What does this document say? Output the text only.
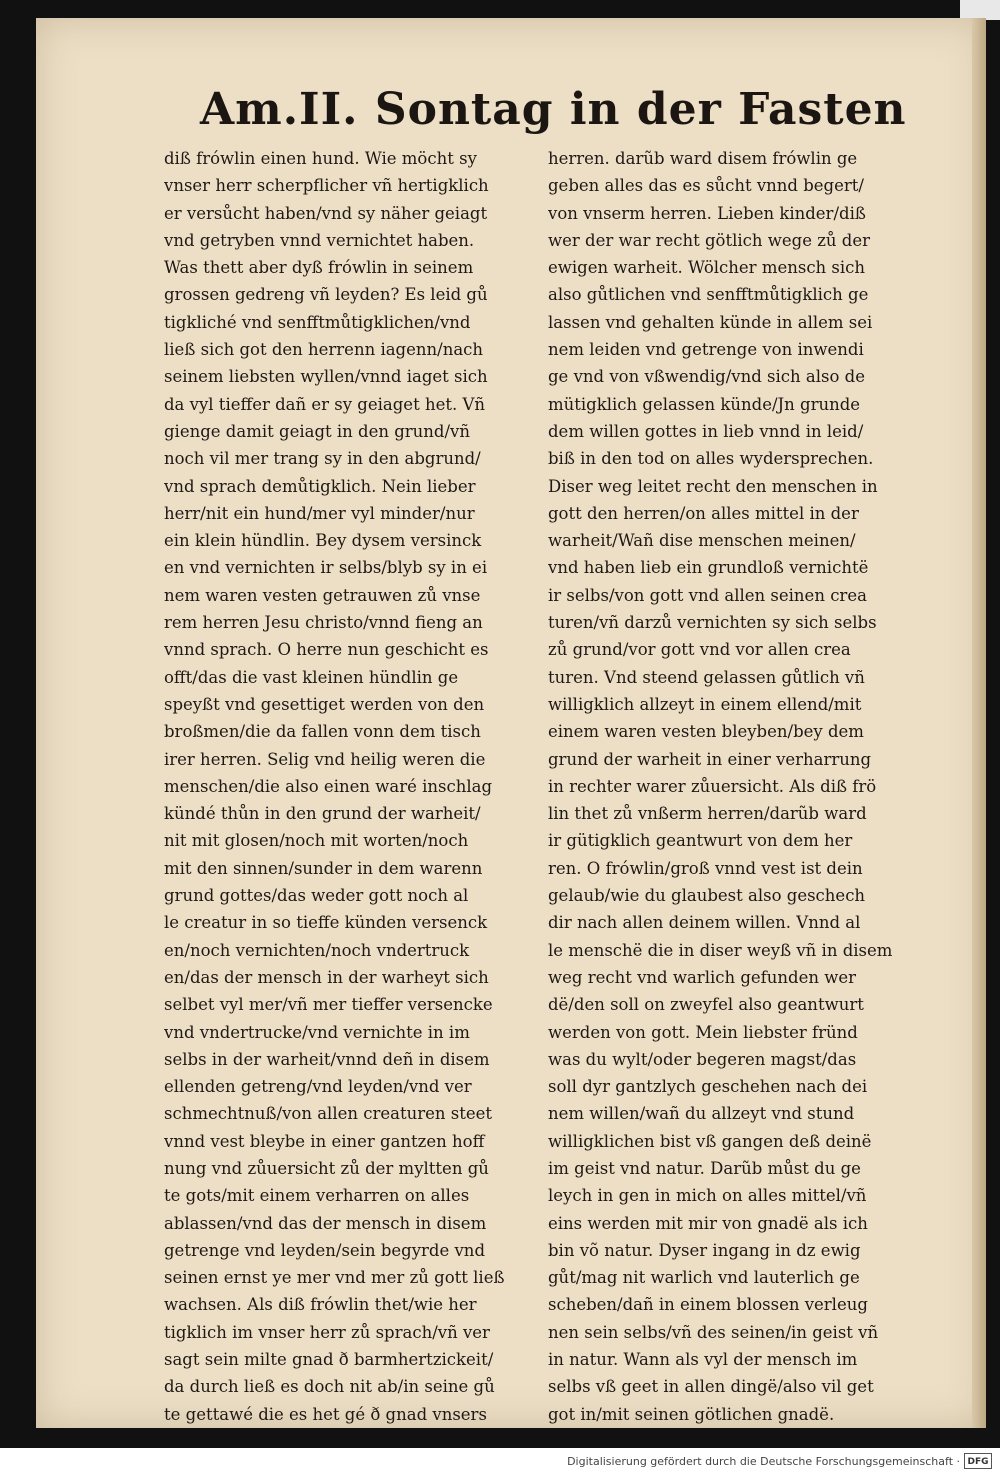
Am.II. Sontag in der Fasten
diß frówlin einen hund. Wie möcht sy
vnser herr scherpflicher vñ hertigklich
er versůcht haben/vnd sy näher geiagt
vnd getryben vnnd vernichtet haben.
Was thett aber dyß frówlin in seinem
grossen gedreng vñ leyden? Es leid gů
tigkliché vnd senfftmůtigklichen/vnd
ließ sich got den herrenn iagenn/nach
seinem liebsten wyllen/vnnd iaget sich
da vyl tieffer dañ er sy geiaget het. Vñ
gienge damit geiagt in den grund/vñ
noch vil mer trang sy in den abgrund/
vnd sprach demůtigklich. Nein lieber
herr/nit ein hund/mer vyl minder/nur
ein klein hündlin. Bey dysem versinck
en vnd vernichten ir selbs/blyb sy in ei
nem waren vesten getrauwen zů vnse
rem herren Jesu christo/vnnd fieng an
vnnd sprach. O herre nun geschicht es
offt/das die vast kleinen hündlin ge
speyßt vnd gesettiget werden von den
broßmen/die da fallen vonn dem tisch
irer herren. Selig vnd heilig weren die
menschen/die also einen waré inschlag
kündé thůn in den grund der warheit/
nit mit glosen/noch mit worten/noch
mit den sinnen/sunder in dem warenn
grund gottes/das weder gott noch al
le creatur in so tieffe künden versenck
en/noch vernichten/noch vndertruck
en/das der mensch in der warheyt sich
selbet vyl mer/vñ mer tieffer versencke
vnd vndertrucke/vnd vernichte in im
selbs in der warheit/vnnd deñ in disem
ellenden getreng/vnd leyden/vnd ver
schmechtnuß/von allen creaturen steet
vnnd vest bleybe in einer gantzen hoff
nung vnd zůuersicht zů der myltten gů
te gots/mit einem verharren on alles
ablassen/vnd das der mensch in disem
getrenge vnd leyden/sein begyrde vnd
seinen ernst ye mer vnd mer zů gott ließ
wachsen. Als diß frówlin thet/wie her
tigklich im vnser herr zů sprach/vñ ver
sagt sein milte gnad ð barmhertzickeit/
da durch ließ es doch nit ab/in seine gů
te gettawé die es het gé ð gnad vnsers
herren. darũb ward disem frówlin ge
geben alles das es sůcht vnnd begert/
von vnserm herren. Lieben kinder/diß
wer der war recht götlich wege zů der
ewigen warheit. Wölcher mensch sich
also gůtlichen vnd senfftmůtigklich ge
lassen vnd gehalten künde in allem sei
nem leiden vnd getrenge von inwendi
ge vnd von vßwendig/vnd sich also de
mütigklich gelassen künde/Jn grunde
dem willen gottes in lieb vnnd in leid/
biß in den tod on alles wydersprechen.
Diser weg leitet recht den menschen in
gott den herren/on alles mittel in der
warheit/Wañ dise menschen meinen/
vnd haben lieb ein grundloß vernichtë
ir selbs/von gott vnd allen seinen crea
turen/vñ darzů vernichten sy sich selbs
zů grund/vor gott vnd vor allen crea
turen. Vnd steend gelassen gůtlich vñ
willigklich allzeyt in einem ellend/mit
einem waren vesten bleyben/bey dem
grund der warheit in einer verharrung
in rechter warer zůuersicht. Als diß frö
lin thet zů vnßerm herren/darũb ward
ir gütigklich geantwurt von dem her
ren. O frówlin/groß vnnd vest ist dein
gelaub/wie du glaubest also geschech
dir nach allen deinem willen. Vnnd al
le menschë die in diser weyß vñ in disem
weg recht vnd warlich gefunden wer
dë/den soll on zweyfel also geantwurt
werden von gott. Mein liebster fründ
was du wylt/oder begeren magst/das
soll dyr gantzlych geschehen nach dei
nem willen/wañ du allzeyt vnd stund
willigklichen bist vß gangen deß deinë
im geist vnd natur. Darũb můst du ge
leych in gen in mich on alles mittel/vñ
eins werden mit mir von gnadë als ich
bin võ natur. Dyser ingang in dz ewig
gůt/mag nit warlich vnd lauterlich ge
scheben/dañ in einem blossen verleug
nen sein selbs/vñ des seinen/in geist vñ
in natur. Wann als vyl der mensch im
selbs vß geet in allen dingë/also vil get
got in/mit seinen götlichen gnadë.
Digitalisierung gefördert durch die Deutsche Forschungsgemeinschaft · DFG
